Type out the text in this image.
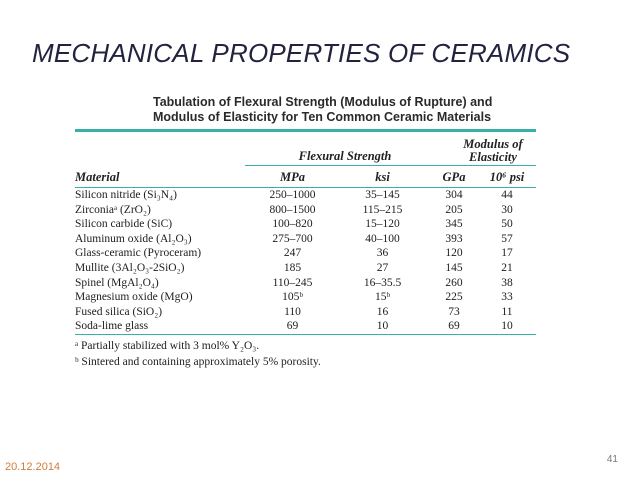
MECHANICAL PROPERTIES OF CERAMICS
Tabulation of Flexural Strength (Modulus of Rupture) and
Modulus of Elasticity for Ten Common Ceramic Materials
Flexural Strength
Modulus of
Elasticity
Material	MPa	ksi	GPa	10⁶ psi

Silicon nitride (Si₃N₄)	250–1000	35–145	304	44
Zirconiaᵃ (ZrO₂)	800–1500	115–215	205	30
Silicon carbide (SiC)	100–820	15–120	345	50
Aluminum oxide (Al₂O₃)	275–700	40–100	393	57
Glass-ceramic (Pyroceram)	247	36	120	17
Mullite (3Al₂O₃-2SiO₂)	185	27	145	21
Spinel (MgAl₂O₄)	110–245	16–35.5	260	38
Magnesium oxide (MgO)	105ᵇ	15ᵇ	225	33
Fused silica (SiO₂)	110	16	73	11
Soda-lime glass	69	10	69	10
ᵃ Partially stabilized with 3 mol% Y₂O₃.
ᵇ Sintered and containing approximately 5% porosity.
41
20.12.2014
